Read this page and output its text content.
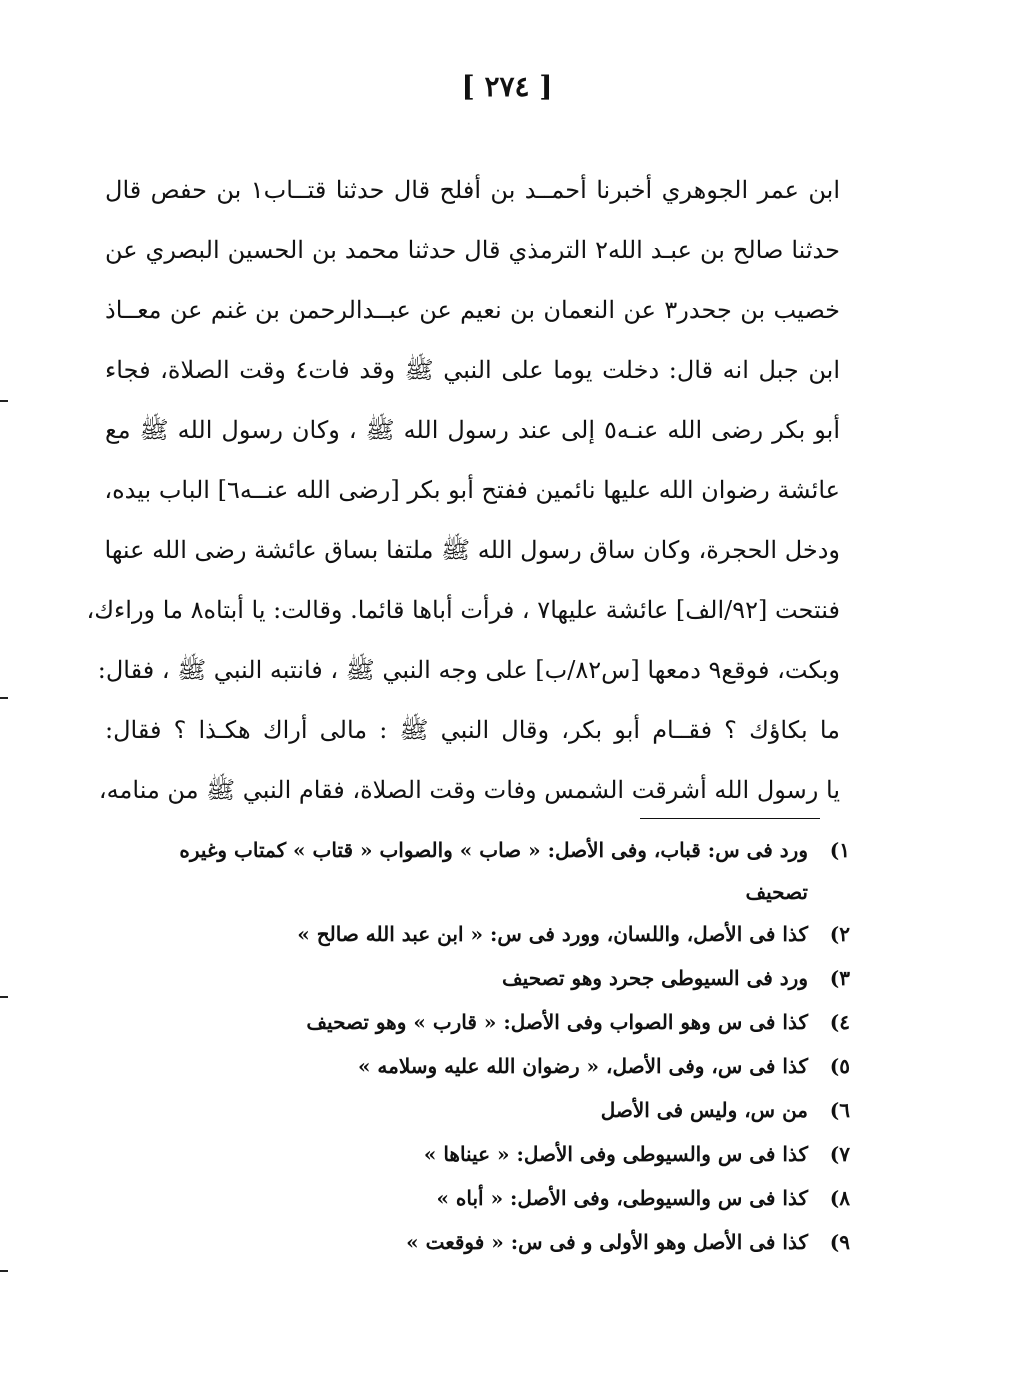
[ ٢٧٤ ]
ابن عمر الجوهري أخبرنا أحمــد بن أفلح قال حدثنا قتــاب١ بن حفص قال
حدثنا صالح بن عبـد الله٢ الترمذي قال حدثنا محمد بن الحسين البصري عن
خصيب بن جحدر٣ عن النعمان بن نعيم عن عبــدالرحمن بن غنم عن معــاذ
ابن جبل انه قال: دخلت يوما على النبي ﷺ وقد فات٤ وقت الصلاة، فجاء
أبو بكر رضى الله عنـه٥ إلى عند رسول الله ﷺ ، وكان رسول الله ﷺ مع
عائشة رضوان الله عليها نائمين ففتح أبو بكر [رضى الله عنــه٦] الباب بيده،
ودخل الحجرة، وكان ساق رسول الله ﷺ ملتفا بساق عائشة رضى الله عنها
فنتحت [٩٢/الف] عائشة عليها٧ ، فرأت أباها قائما. وقالت: يا أبتاه٨ ما وراءك،
وبكت، فوقع٩ دمعها [س٨٢/ب] على وجه النبي ﷺ ، فانتبه النبي ﷺ ، فقال:
ما بكاؤك ؟ فقــام أبو بكر، وقال النبي ﷺ : مالى أراك هكـذا ؟ فقال:
يا رسول الله أشرقت الشمس وفات وقت الصلاة، فقام النبي ﷺ من منامه،
١)
ورد فى س: قباب، وفى الأصل: « صاب » والصواب « قتاب » كمتاب وغيره
تصحيف
٢)
كذا فى الأصل، واللسان، وورد فى س: « ابن عبد الله صالح »
٣)
ورد فى السيوطى جحرد وهو تصحيف
٤)
كذا فى س وهو الصواب وفى الأصل: « قارب » وهو تصحيف
٥)
كذا فى س، وفى الأصل، « رضوان الله عليه وسلامه »
٦)
من س، وليس فى الأصل
٧)
كذا فى س والسيوطى وفى الأصل: « عيناها »
٨)
كذا فى س والسيوطى، وفى الأصل: « أباه »
٩)
كذا فى الأصل وهو الأولى و فى س: « فوقعت »
